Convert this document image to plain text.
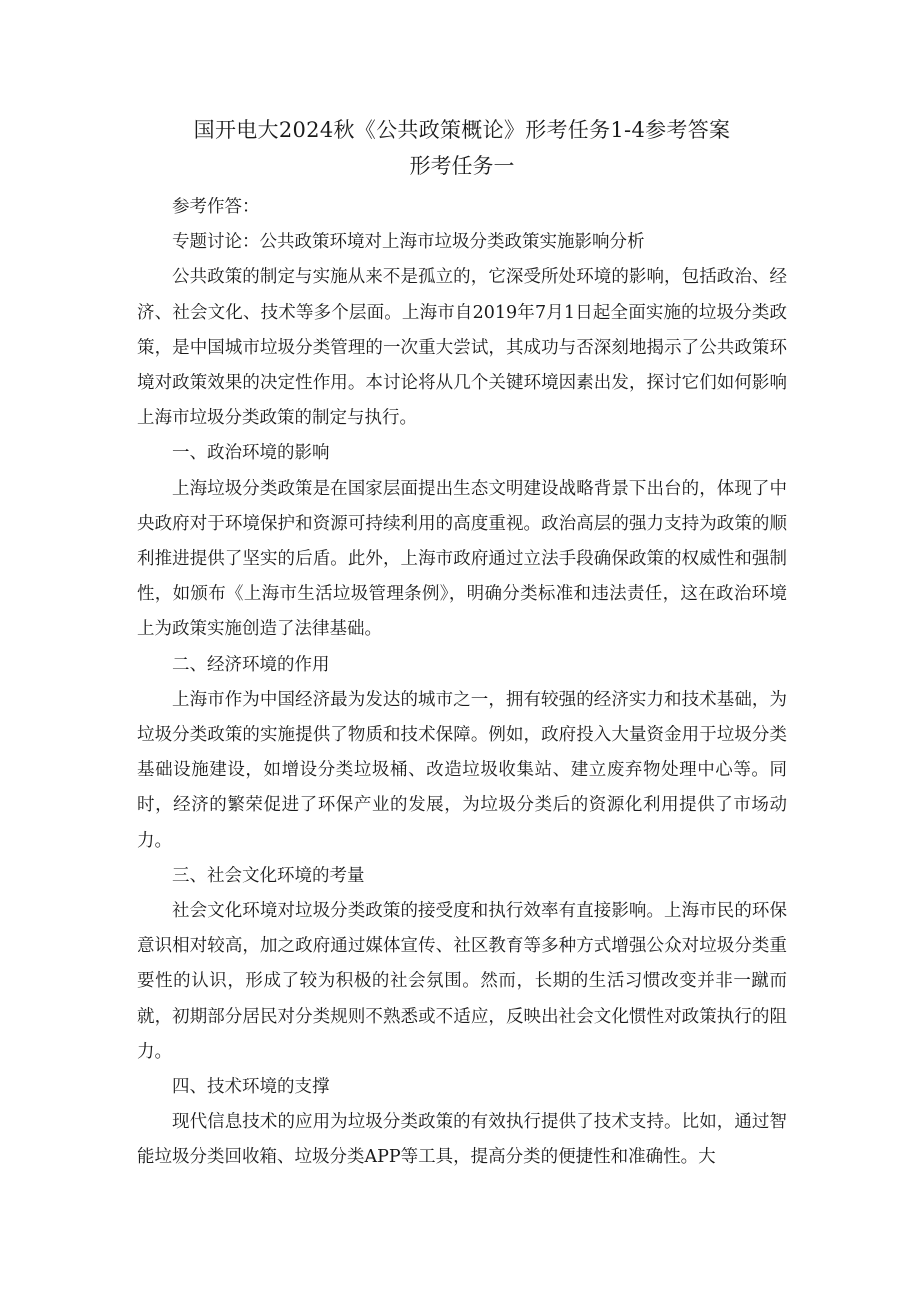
国开电大2024秋《公共政策概论》形考任务1-4参考答案
形考任务一

参考作答：

专题讨论：公共政策环境对上海市垃圾分类政策实施影响分析

公共政策的制定与实施从来不是孤立的，它深受所处环境的影响，包括政治、经济、社会文化、技术等多个层面。上海市自2019年7月1日起全面实施的垃圾分类政策，是中国城市垃圾分类管理的一次重大尝试，其成功与否深刻地揭示了公共政策环境对政策效果的决定性作用。本讨论将从几个关键环境因素出发，探讨它们如何影响上海市垃圾分类政策的制定与执行。

一、政治环境的影响

上海垃圾分类政策是在国家层面提出生态文明建设战略背景下出台的，体现了中央政府对于环境保护和资源可持续利用的高度重视。政治高层的强力支持为政策的顺利推进提供了坚实的后盾。此外，上海市政府通过立法手段确保政策的权威性和强制性，如颁布《上海市生活垃圾管理条例》，明确分类标准和违法责任，这在政治环境上为政策实施创造了法律基础。

二、经济环境的作用

上海市作为中国经济最为发达的城市之一，拥有较强的经济实力和技术基础，为垃圾分类政策的实施提供了物质和技术保障。例如，政府投入大量资金用于垃圾分类基础设施建设，如增设分类垃圾桶、改造垃圾收集站、建立废弃物处理中心等。同时，经济的繁荣促进了环保产业的发展，为垃圾分类后的资源化利用提供了市场动力。

三、社会文化环境的考量

社会文化环境对垃圾分类政策的接受度和执行效率有直接影响。上海市民的环保意识相对较高，加之政府通过媒体宣传、社区教育等多种方式增强公众对垃圾分类重要性的认识，形成了较为积极的社会氛围。然而，长期的生活习惯改变并非一蹴而就，初期部分居民对分类规则不熟悉或不适应，反映出社会文化惯性对政策执行的阻力。

四、技术环境的支撑

现代信息技术的应用为垃圾分类政策的有效执行提供了技术支持。比如，通过智能垃圾分类回收箱、垃圾分类APP等工具，提高分类的便捷性和准确性。大
